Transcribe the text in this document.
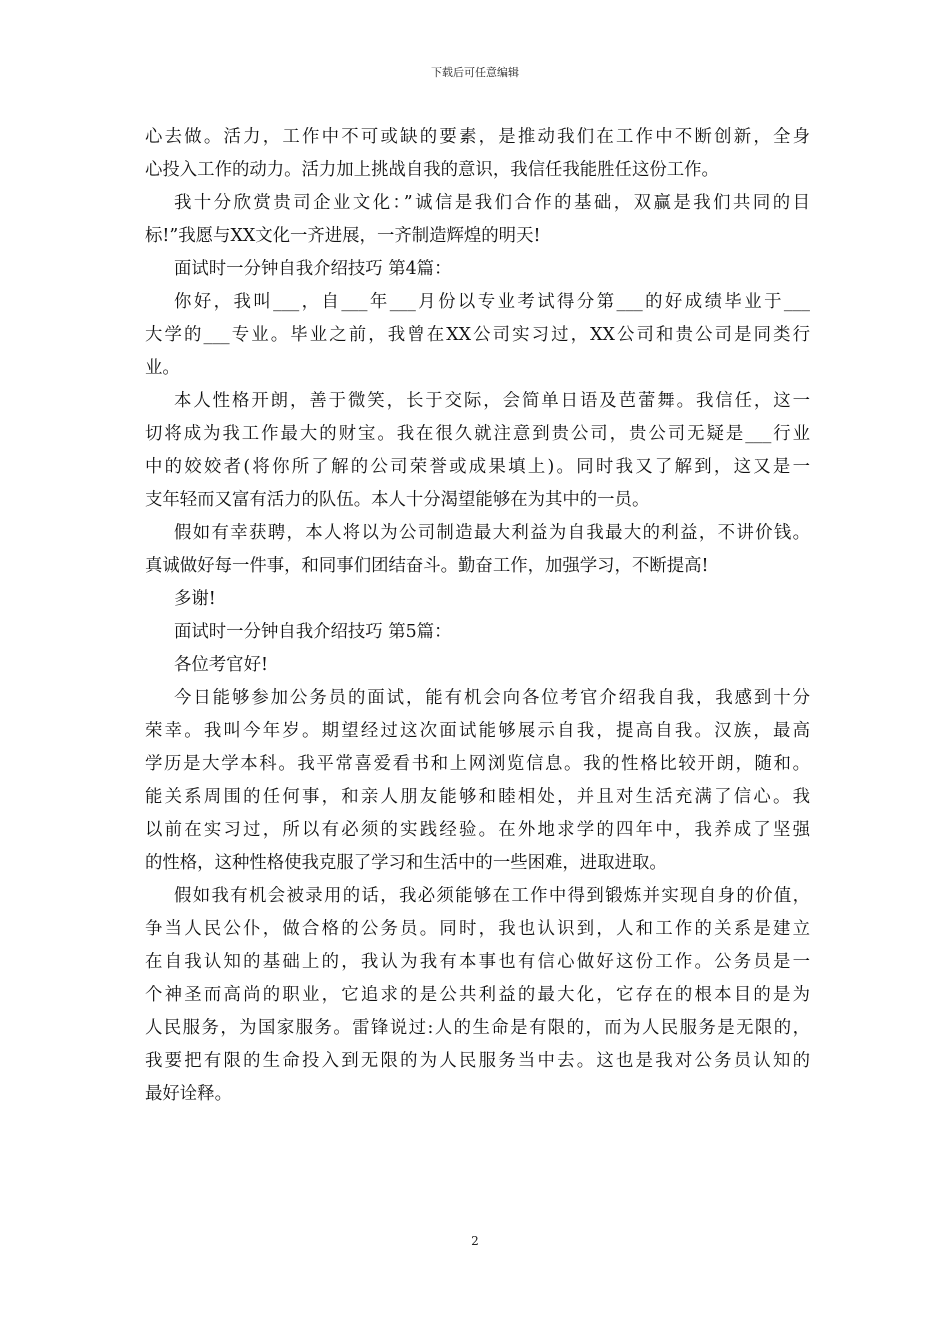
下载后可任意编辑
心去做。活力，工作中不可或缺的要素，是推动我们在工作中不断创新，全身
心投入工作的动力。活力加上挑战自我的意识，我信任我能胜任这份工作。
我十分欣赏贵司企业文化：”诚信是我们合作的基础，双赢是我们共同的目
标!”我愿与XX文化一齐进展，一齐制造辉煌的明天!
面试时一分钟自我介绍技巧 第4篇：
你好，我叫___，自___年___月份以专业考试得分第___的好成绩毕业于___
大学的___专业。毕业之前，我曾在XX公司实习过，XX公司和贵公司是同类行
业。
本人性格开朗，善于微笑，长于交际，会简单日语及芭蕾舞。我信任，这一
切将成为我工作最大的财宝。我在很久就注意到贵公司，贵公司无疑是___行业
中的姣姣者(将你所了解的公司荣誉或成果填上)。同时我又了解到，这又是一
支年轻而又富有活力的队伍。本人十分渴望能够在为其中的一员。
假如有幸获聘，本人将以为公司制造最大利益为自我最大的利益，不讲价钱。
真诚做好每一件事，和同事们团结奋斗。勤奋工作，加强学习，不断提高!
多谢!
面试时一分钟自我介绍技巧 第5篇：
各位考官好!
今日能够参加公务员的面试，能有机会向各位考官介绍我自我，我感到十分
荣幸。我叫今年岁。期望经过这次面试能够展示自我，提高自我。汉族，最高
学历是大学本科。我平常喜爱看书和上网浏览信息。我的性格比较开朗，随和。
能关系周围的任何事，和亲人朋友能够和睦相处，并且对生活充满了信心。我
以前在实习过，所以有必须的实践经验。在外地求学的四年中，我养成了坚强
的性格，这种性格使我克服了学习和生活中的一些困难，进取进取。
假如我有机会被录用的话，我必须能够在工作中得到锻炼并实现自身的价值，
争当人民公仆，做合格的公务员。同时，我也认识到，人和工作的关系是建立
在自我认知的基础上的，我认为我有本事也有信心做好这份工作。公务员是一
个神圣而高尚的职业，它追求的是公共利益的最大化，它存在的根本目的是为
人民服务，为国家服务。雷锋说过:人的生命是有限的，而为人民服务是无限的，
我要把有限的生命投入到无限的为人民服务当中去。这也是我对公务员认知的
最好诠释。
2
